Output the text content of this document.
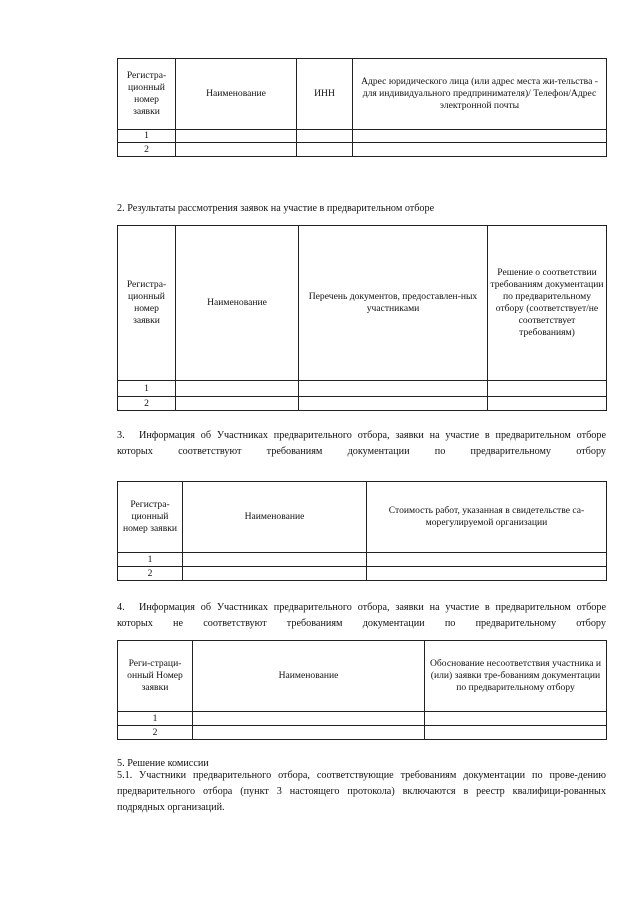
Регистра-ционный номер заявки	Наименование	ИНН	Адрес юридического лица (или адрес места жи-тельства - для индивидуального предпринимателя)/ Телефон/Адрес электронной почты
1			
2			
2. Результаты рассмотрения заявок на участие в предварительном отборе
Регистра-ционный номер заявки	Наименование	Перечень документов, предоставлен-ных участниками	Решение о соответствии требованиям документации по предварительному отбору (соответствует/не соответствует требованиям)
1			
2			
3. Информация об Участниках предварительного отбора, заявки на участие в предварительном отборе которых соответствуют требованиям документации по предварительному отбору
Регистра-ционный номер заявки	Наименование	Стоимость работ, указанная в свидетельстве са-морегулируемой организации
1		
2		
4. Информация об Участниках предварительного отбора, заявки на участие в предварительном отборе которых не соответствуют требованиям документации по предварительному отбору
Реги-страци-онный Номер заявки	Наименование	Обоснование несоответствия участника и (или) заявки тре-бованиям документации по предварительному отбору
1		
2		
5. Решение комиссии
5.1. Участники предварительного отбора, соответствующие требованиям документации по прове-дению предварительного отбора (пункт 3 настоящего протокола) включаются в реестр квалифици-рованных подрядных организаций.
